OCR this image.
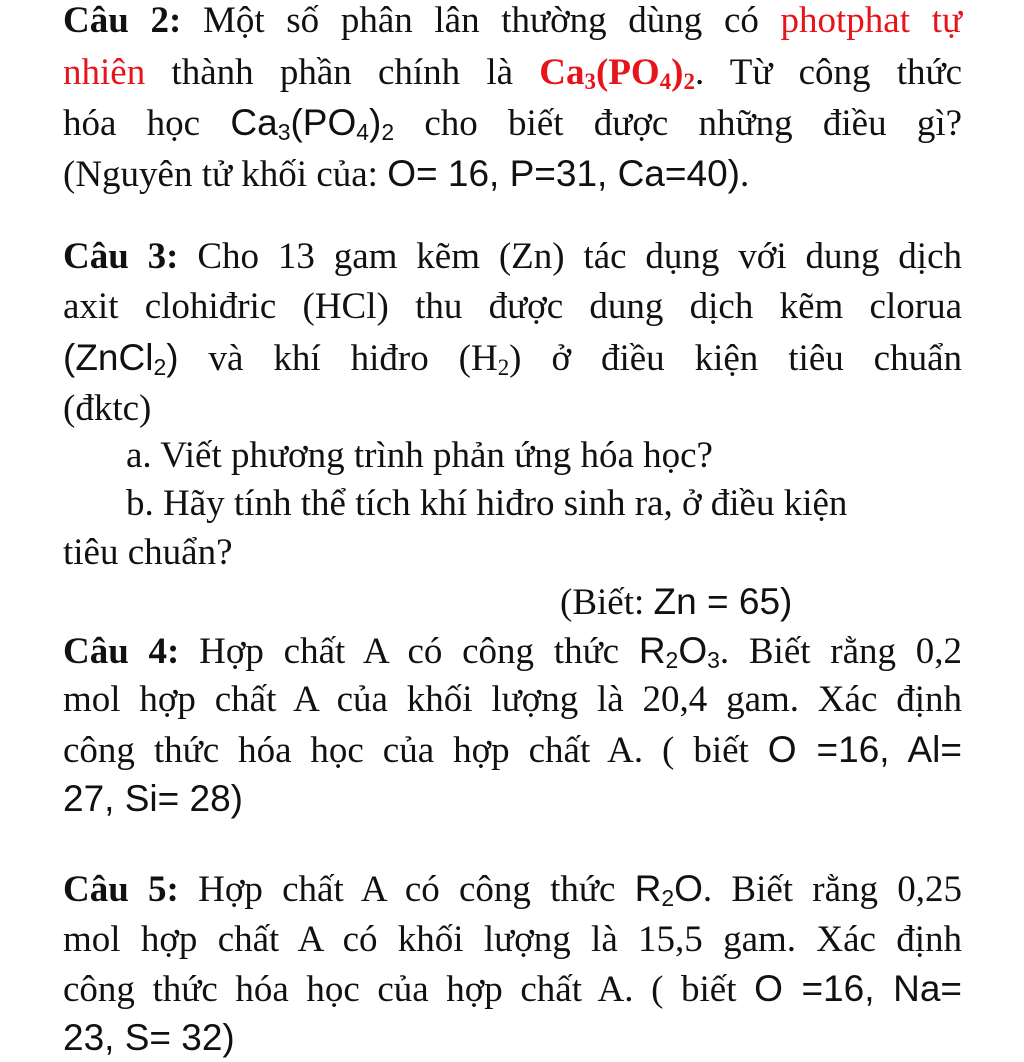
Câu 2: Một số phân lân thường dùng có photphat tự
nhiên thành phần chính là $Ca_3(PO_4)_2$. Từ công thức
hóa học $Ca_3(PO_4)_2$ cho biết được những điều gì?
(Nguyên tử khối của: O= 16, P=31, Ca=40).
Câu 3: Cho 13 gam kẽm (Zn) tác dụng với dung dịch
axit clohiđric (HCl) thu được dung dịch kẽm clorua
(ZnCl$_2$) và khí hiđro $(H_2)$ ở điều kiện tiêu chuẩn
(đktc)
a. Viết phương trình phản ứng hóa học?
b. Hãy tính thể tích khí hiđro sinh ra, ở điều kiện
tiêu chuẩn?
(Biết: Zn = 65)
Câu 4: Hợp chất A có công thức $R_2O_3$. Biết rằng 0,2
mol hợp chất A của khối lượng là 20,4 gam. Xác định
công thức hóa học của hợp chất A. ( biết O =16, Al=
27, Si= 28)
Câu 5: Hợp chất A có công thức $R_2O$. Biết rằng 0,25
mol hợp chất A có khối lượng là 15,5 gam. Xác định
công thức hóa học của hợp chất A. ( biết O =16, Na=
23, S= 32)
